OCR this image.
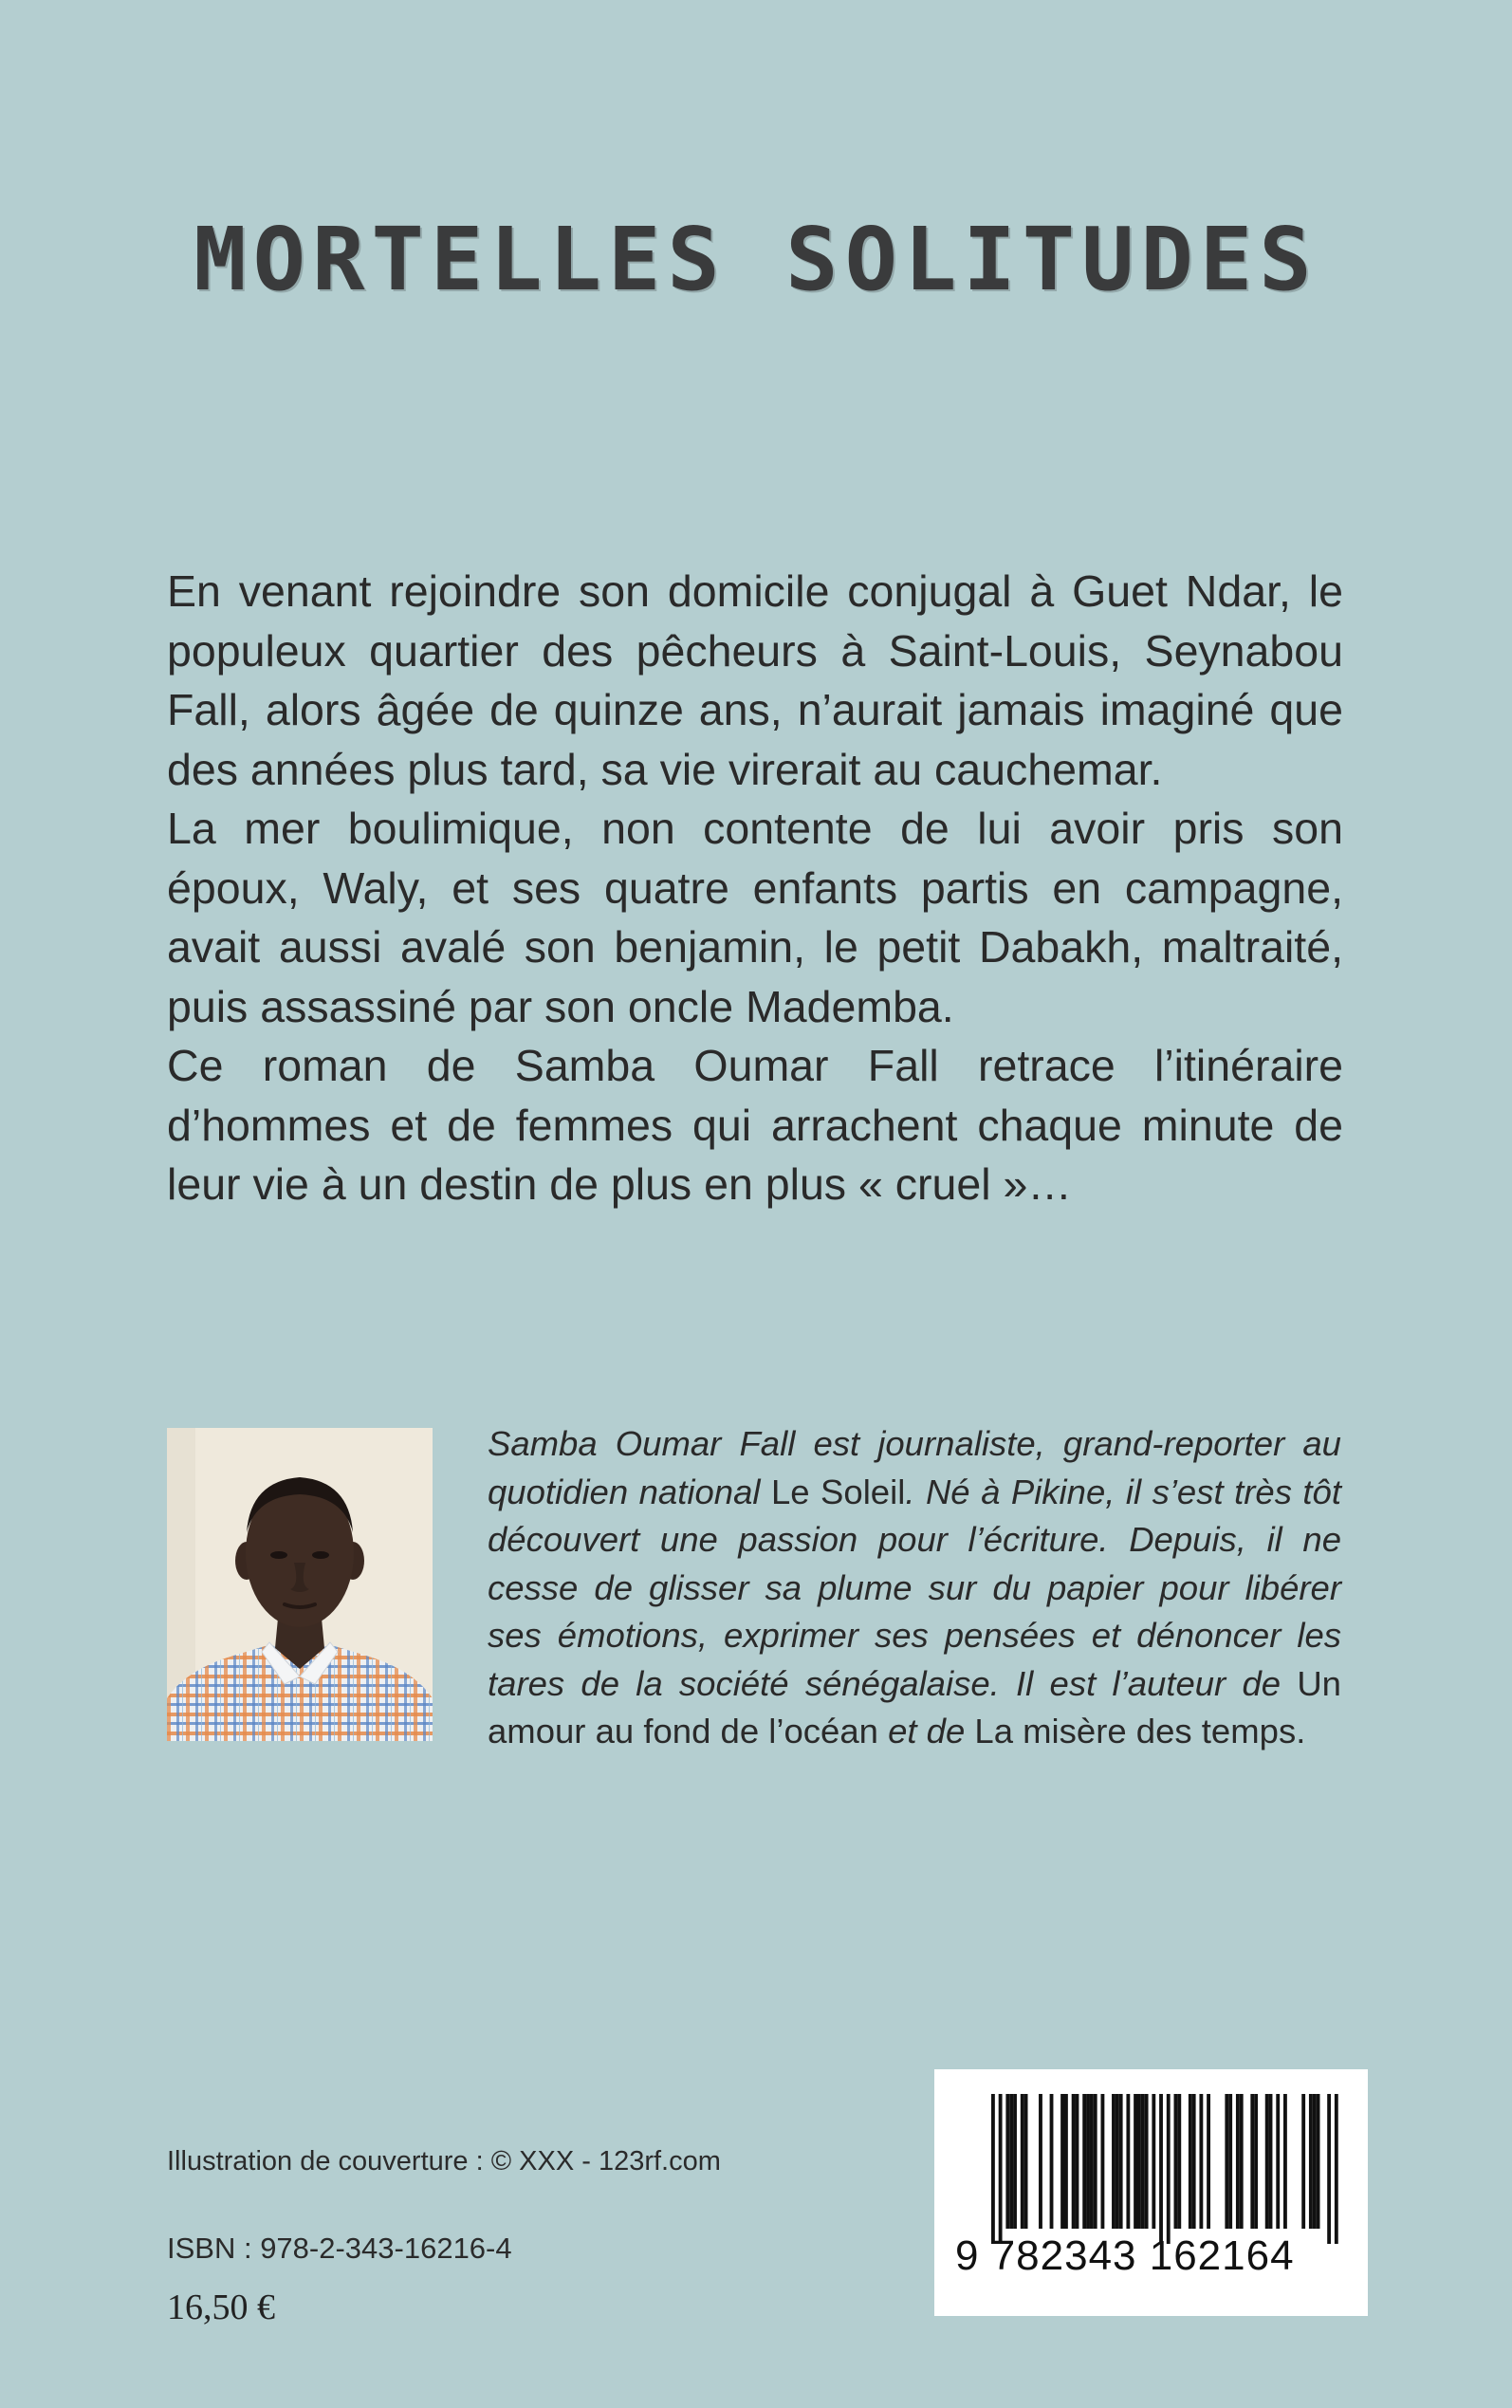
MORTELLES SOLITUDES

En venant rejoindre son domicile conjugal à Guet Ndar, le populeux quartier des pêcheurs à Saint-Louis, Seynabou Fall, alors âgée de quinze ans, n’aurait jamais imaginé que des années plus tard, sa vie virerait au cauchemar.

La mer boulimique, non contente de lui avoir pris son époux, Waly, et ses quatre enfants partis en campagne, avait aussi avalé son benjamin, le petit Dabakh, maltraité, puis assassiné par son oncle Mademba.

Ce roman de Samba Oumar Fall retrace l’itinéraire d’hommes et de femmes qui arrachent chaque minute de leur vie à un destin de plus en plus « cruel »…

Samba Oumar Fall est journaliste, grand-reporter au quotidien national Le Soleil. Né à Pikine, il s’est très tôt découvert une passion pour l’écriture. Depuis, il ne cesse de glisser sa plume sur du papier pour libérer ses émotions, exprimer ses pensées et dénoncer les tares de la société sénégalaise. Il est l’auteur de Un amour au fond de l’océan et de La misère des temps.

Illustration de couverture : © XXX - 123rf.com
ISBN : 978-2-343-16216-4
16,50 €
9 782343 162164
